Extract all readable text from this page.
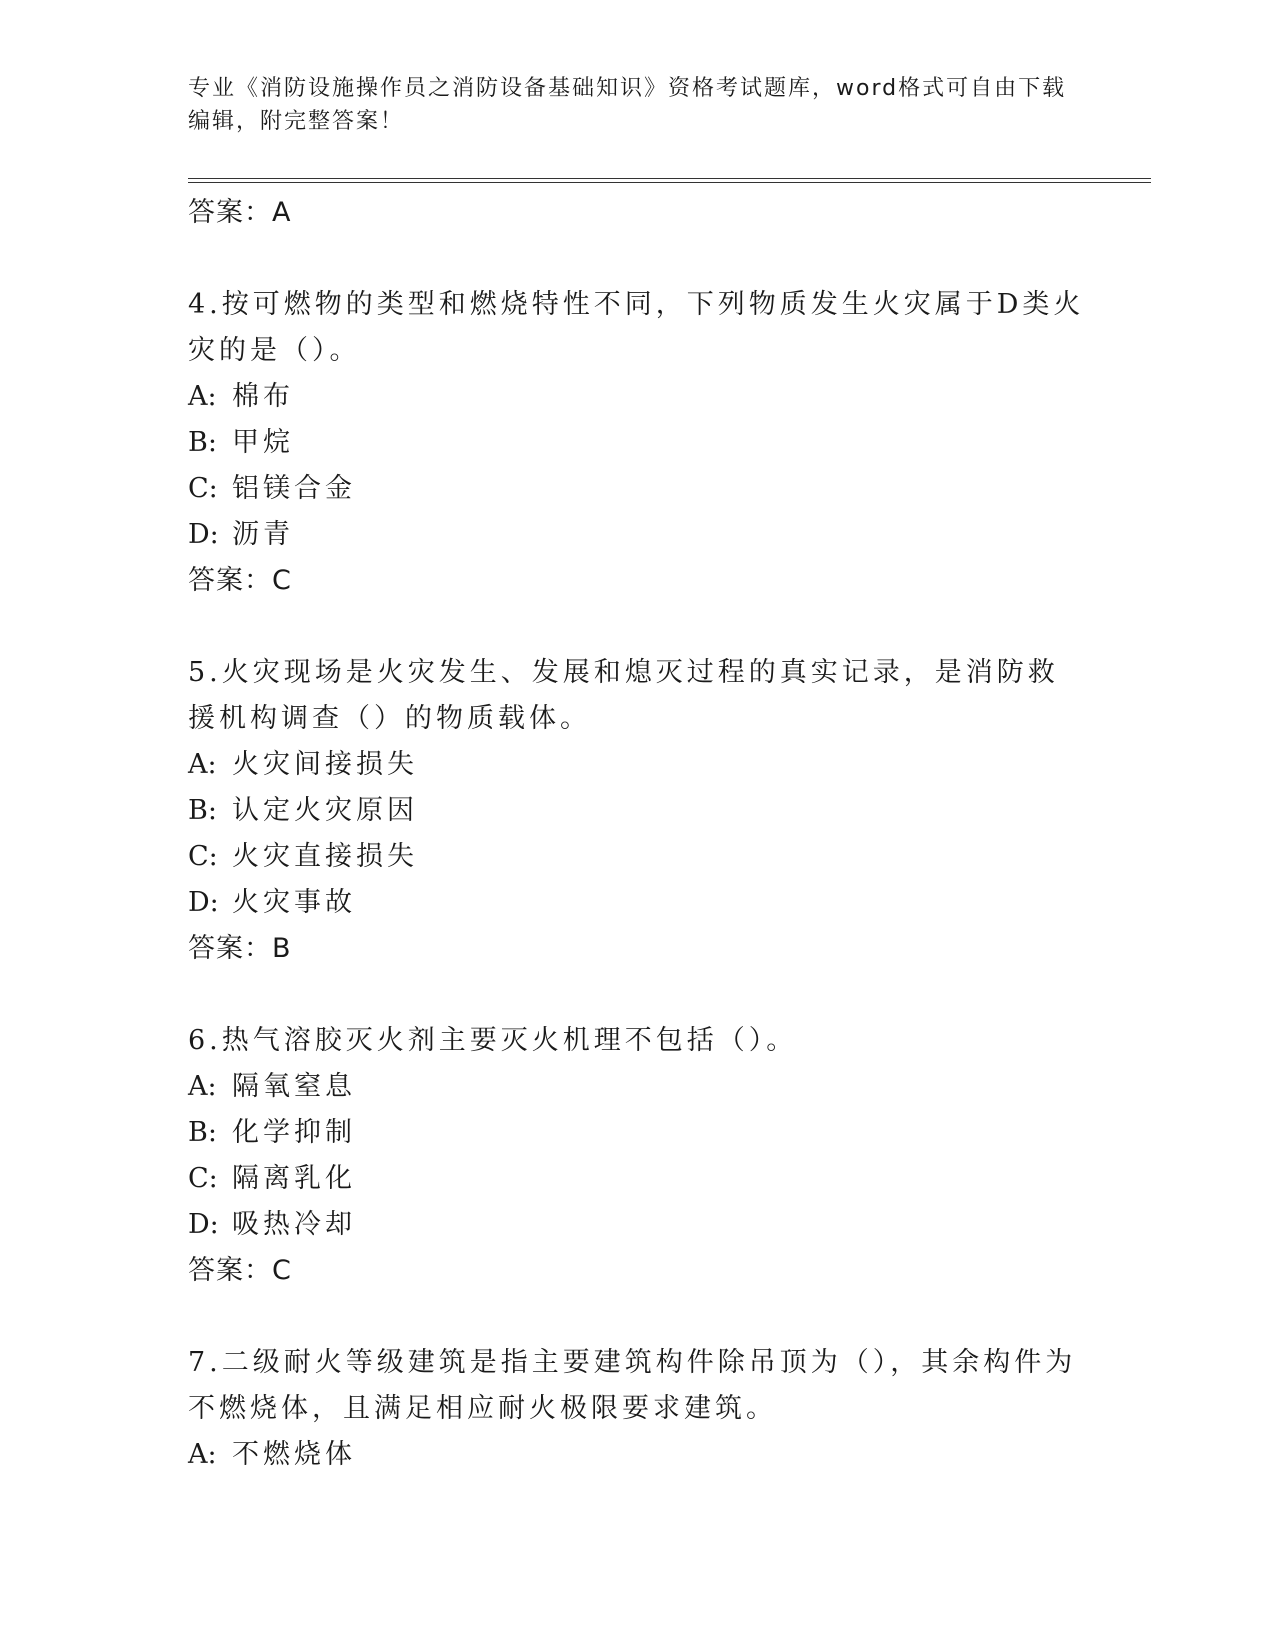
专业《消防设施操作员之消防设备基础知识》资格考试题库，word格式可自由下载编辑，附完整答案！
答案：A
4.按可燃物的类型和燃烧特性不同，下列物质发生火灾属于D类火灾的是（）。
A: 棉布
B: 甲烷
C: 铝镁合金
D: 沥青
答案：C
5.火灾现场是火灾发生、发展和熄灭过程的真实记录，是消防救援机构调查（）的物质载体。
A: 火灾间接损失
B: 认定火灾原因
C: 火灾直接损失
D: 火灾事故
答案：B
6.热气溶胶灭火剂主要灭火机理不包括（）。
A: 隔氧窒息
B: 化学抑制
C: 隔离乳化
D: 吸热冷却
答案：C
7.二级耐火等级建筑是指主要建筑构件除吊顶为（），其余构件为不燃烧体，且满足相应耐火极限要求建筑。
A: 不燃烧体
